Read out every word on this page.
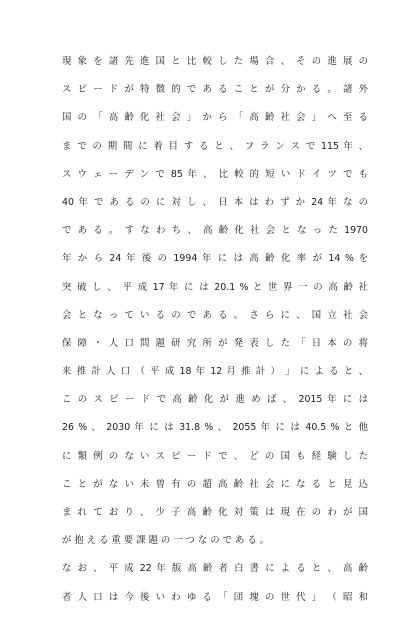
現 象 を 諸 先 進 国 と 比 較 し た 場 合 、 そ の 進 展 の
ス ピ ー ド が 特 徴 的 で あ る こ と が 分 か る 。 諸 外
国 の 「 高 齢 化 社 会 」 か ら 「 高 齢 社 会 」 へ 至 る
ま で の 期 間 に 着 目 す る と 、 フ ラ ン ス で 115 年 、
ス ウ ェ ー デ ン で 85 年 、 比 較 的 短 い ド イ ツ で も
40 年 で あ る の に 対 し 、 日 本 は わ ず か 24 年 な の
で あ る 。 す な わ ち 、 高 齢 化 社 会 と な っ た 1970
年 か ら 24 年 後 の 1994 年 に は 高 齢 化 率 が 14 % を
突 破 し 、 平 成 17 年 に は 20.1 % と 世 界 一 の 高 齢 社
会 と な っ て い る の で あ る 。 さ ら に 、 国 立 社 会
保 障 ・ 人 口 問 題 研 究 所 が 発 表 し た 「 日 本 の 将
来 推 計 人 口 （ 平 成 18 年 12 月 推 計 ） 」 に よ る と 、
こ の ス ピ ー ド で 高 齢 化 が 進 め ば 、 2015 年 に は
26 % 、 2030 年 に は 31.8 % 、 2055 年 に は 40.5 % と 他
に 類 例 の な い ス ピ ー ド で 、 ど の 国 も 経 験 し た
こ と が な い 未 曾 有 の 超 高 齢 社 会 に な る と 見 込
ま れ て お り 、 少 子 高 齢 化 対 策 は 現 在 の わ が 国
が 抱 え る 重 要 課 題 の 一 つ な の で あ る 。
な お 、 平 成 22 年 版 高 齢 者 白 書 に よ る と 、 高 齢
者 人 口 は 今 後 い わ ゆ る 「 団 塊 の 世 代 」 （ 昭 和
